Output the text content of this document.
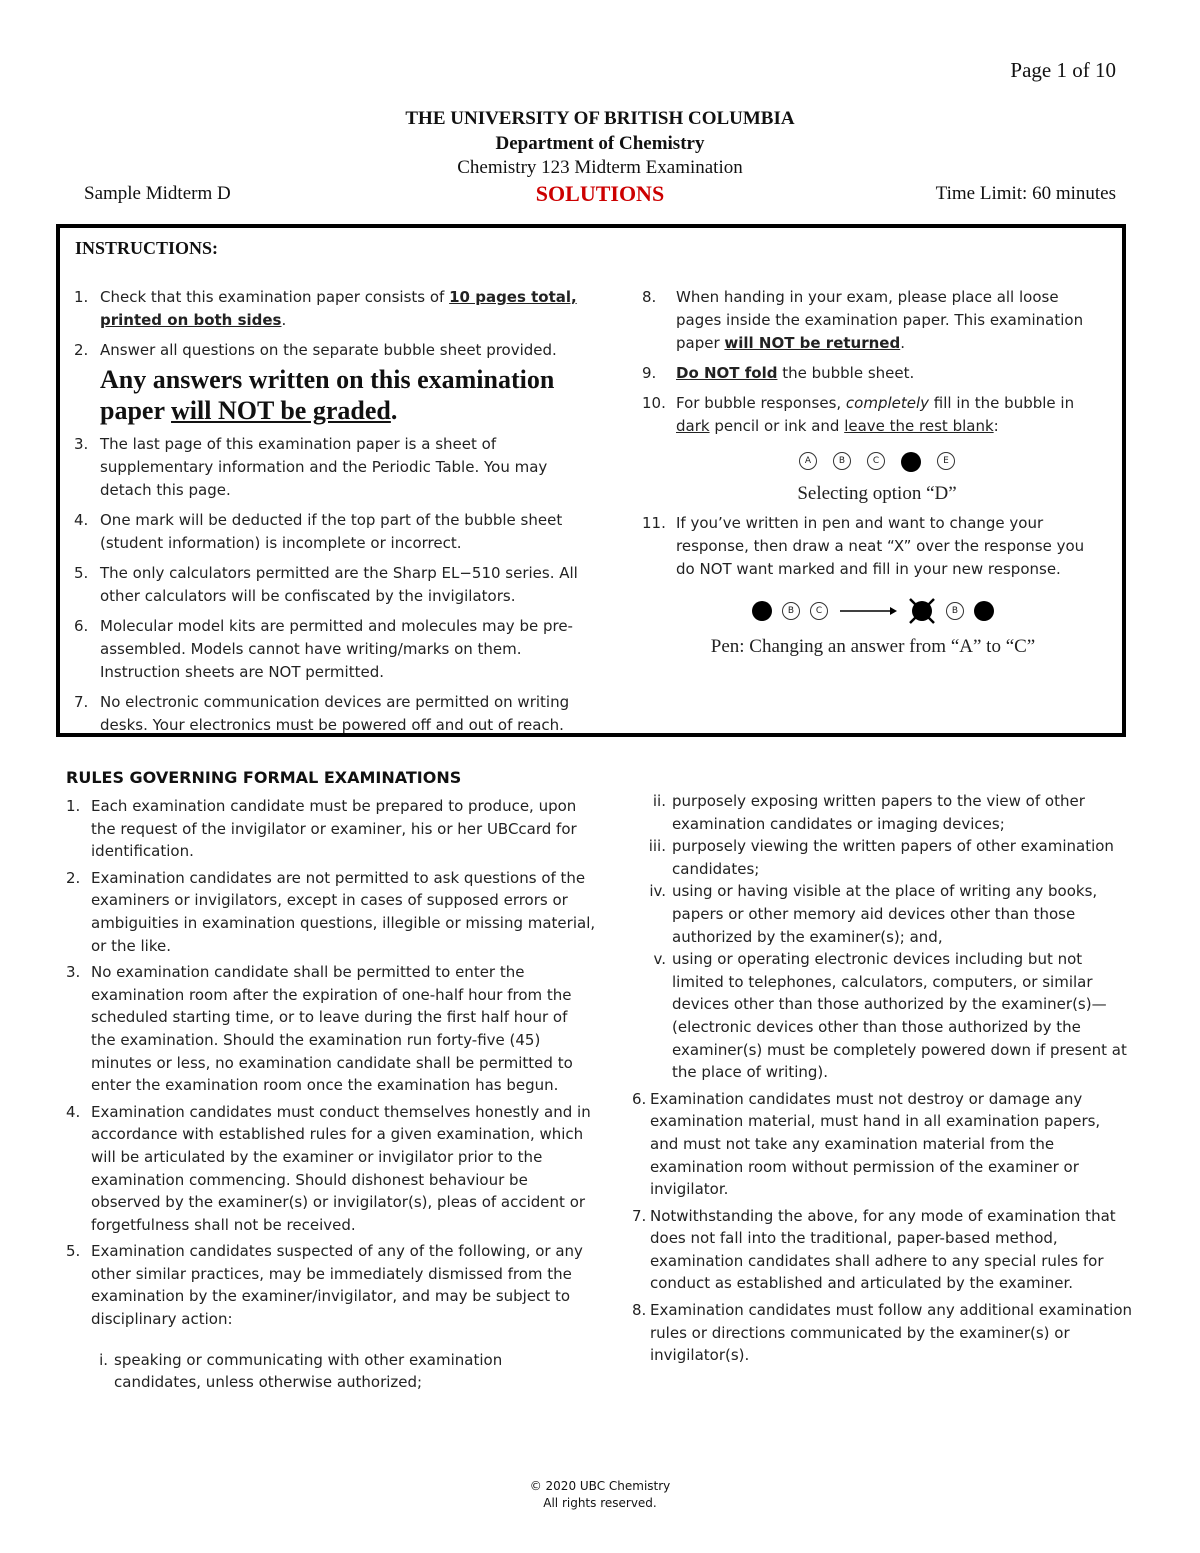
Page 1 of 10
THE UNIVERSITY OF BRITISH COLUMBIA
Department of Chemistry
Chemistry 123 Midterm Examination
Sample Midterm D	SOLUTIONS	Time Limit: 60 minutes
INSTRUCTIONS:
1. Check that this examination paper consists of 10 pages total, printed on both sides.
2. Answer all questions on the separate bubble sheet provided.
Any answers written on this examination paper will NOT be graded.
3. The last page of this examination paper is a sheet of supplementary information and the Periodic Table. You may detach this page.
4. One mark will be deducted if the top part of the bubble sheet (student information) is incomplete or incorrect.
5. The only calculators permitted are the Sharp EL−510 series. All other calculators will be confiscated by the invigilators.
6. Molecular model kits are permitted and molecules may be pre-assembled. Models cannot have writing/marks on them. Instruction sheets are NOT permitted.
7. No electronic communication devices are permitted on writing desks. Your electronics must be powered off and out of reach.
8. When handing in your exam, please place all loose pages inside the examination paper. This examination paper will NOT be returned.
9. Do NOT fold the bubble sheet.
10. For bubble responses, completely fill in the bubble in dark pencil or ink and leave the rest blank:
A	B	C	E
Selecting option “D”
11. If you’ve written in pen and want to change your response, then draw a neat “X” over the response you do NOT want marked and fill in your new response.
B	C	B
Pen: Changing an answer from “A” to “C”
RULES GOVERNING FORMAL EXAMINATIONS
1. Each examination candidate must be prepared to produce, upon the request of the invigilator or examiner, his or her UBCcard for identification.
2. Examination candidates are not permitted to ask questions of the examiners or invigilators, except in cases of supposed errors or ambiguities in examination questions, illegible or missing material, or the like.
3. No examination candidate shall be permitted to enter the examination room after the expiration of one-half hour from the scheduled starting time, or to leave during the first half hour of the examination. Should the examination run forty-five (45) minutes or less, no examination candidate shall be permitted to enter the examination room once the examination has begun.
4. Examination candidates must conduct themselves honestly and in accordance with established rules for a given examination, which will be articulated by the examiner or invigilator prior to the examination commencing. Should dishonest behaviour be observed by the examiner(s) or invigilator(s), pleas of accident or forgetfulness shall not be received.
5. Examination candidates suspected of any of the following, or any other similar practices, may be immediately dismissed from the examination by the examiner/invigilator, and may be subject to disciplinary action:
i. speaking or communicating with other examination candidates, unless otherwise authorized;
ii. purposely exposing written papers to the view of other examination candidates or imaging devices;
iii. purposely viewing the written papers of other examination candidates;
iv. using or having visible at the place of writing any books, papers or other memory aid devices other than those authorized by the examiner(s); and,
v. using or operating electronic devices including but not limited to telephones, calculators, computers, or similar devices other than those authorized by the examiner(s)—(electronic devices other than those authorized by the examiner(s) must be completely powered down if present at the place of writing).
6. Examination candidates must not destroy or damage any examination material, must hand in all examination papers, and must not take any examination material from the examination room without permission of the examiner or invigilator.
7. Notwithstanding the above, for any mode of examination that does not fall into the traditional, paper-based method, examination candidates shall adhere to any special rules for conduct as established and articulated by the examiner.
8. Examination candidates must follow any additional examination rules or directions communicated by the examiner(s) or invigilator(s).
© 2020 UBC Chemistry
All rights reserved.
